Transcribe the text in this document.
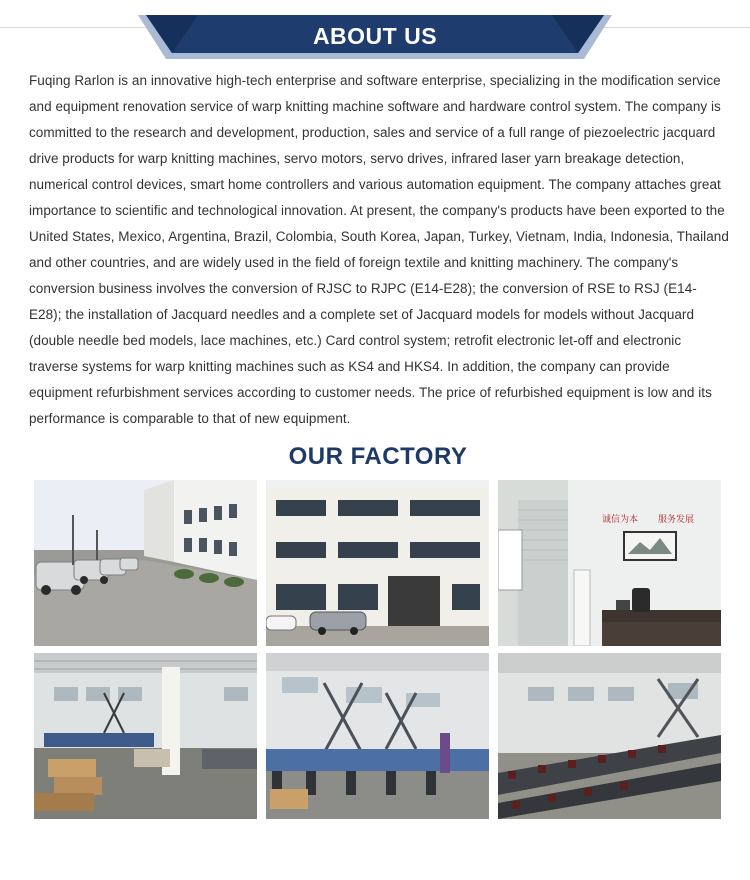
ABOUT US

Fuqing Rarlon is an innovative high-tech enterprise and software enterprise, specializing in the modification service and equipment renovation service of warp knitting machine software and hardware control system. The company is committed to the research and development, production, sales and service of a full range of piezoelectric jacquard drive products for warp knitting machines, servo motors, servo drives, infrared laser yarn breakage detection, numerical control devices, smart home controllers and various automation equipment. The company attaches great importance to scientific and technological innovation. At present, the company's products have been exported to the United States, Mexico, Argentina, Brazil, Colombia, South Korea, Japan, Turkey, Vietnam, India, Indonesia, Thailand and other countries, and are widely used in the field of foreign textile and knitting machinery. The company's conversion business involves the conversion of RJSC to RJPC (E14-E28); the conversion of RSE to RSJ (E14-E28); the installation of Jacquard needles and a complete set of Jacquard models for models without Jacquard (double needle bed models, lace machines, etc.) Card control system; retrofit electronic let-off and electronic traverse systems for warp knitting machines such as KS4 and HKS4. In addition, the company can provide equipment refurbishment services according to customer needs. The price of refurbished equipment is low and its performance is comparable to that of new equipment.

OUR FACTORY
诚信为本 服务发展
